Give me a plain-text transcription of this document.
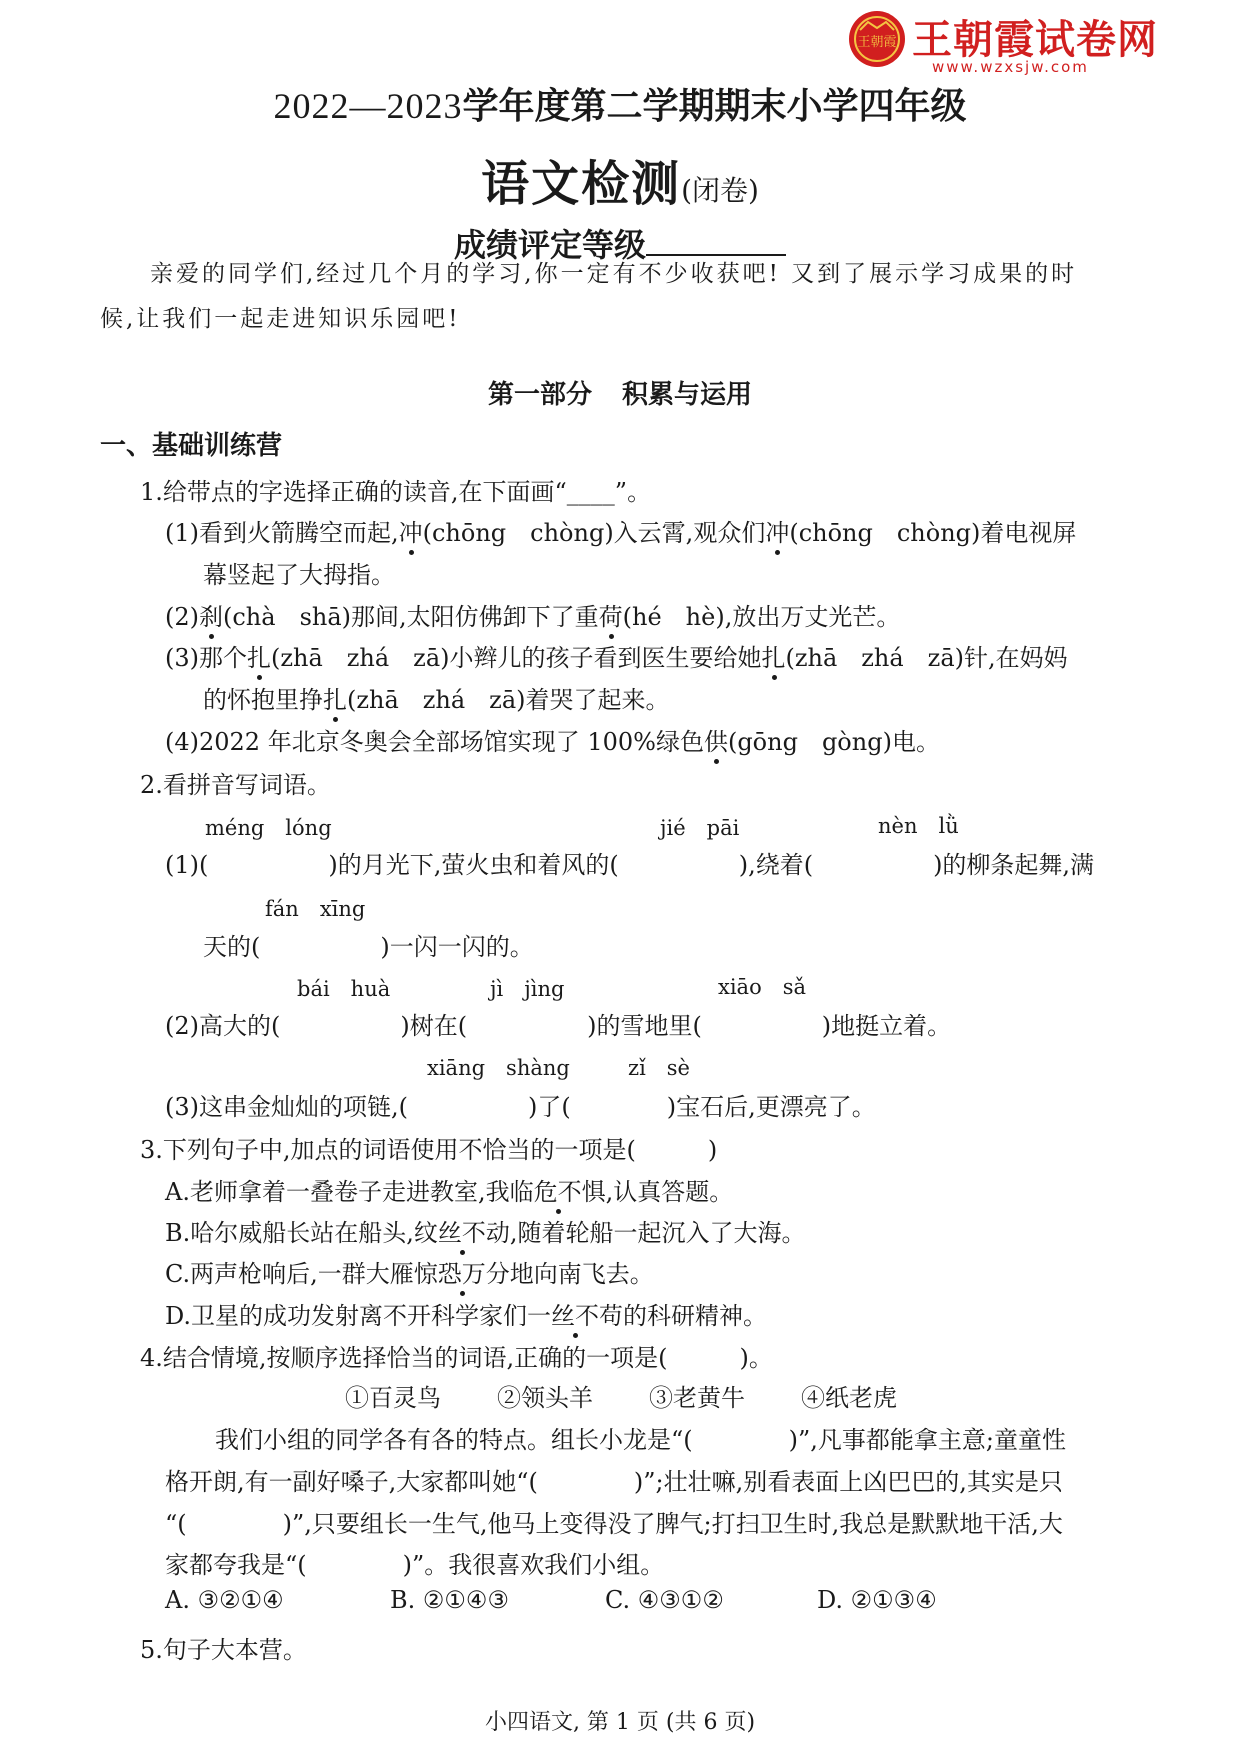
王朝霞 王朝霞试卷网
www.wzxsjw.com
2022—2023学年度第二学期期末小学四年级
语文检测(闭卷)
成绩评定等级
亲爱的同学们,经过几个月的学习,你一定有不少收获吧! 又到了展示学习成果的时
候,让我们一起走进知识乐园吧!
第一部分 积累与运用
一、基础训练营
1.给带点的字选择正确的读音,在下面画“____”。
(1)看到火箭腾空而起,冲(chōng　chòng)入云霄,观众们冲(chōng　chòng)着电视屏
幕竖起了大拇指。
(2)刹(chà　shā)那间,太阳仿佛卸下了重荷(hé　hè),放出万丈光芒。
(3)那个扎(zhā　zhá　zā)小辫儿的孩子看到医生要给她扎(zhā　zhá　zā)针,在妈妈
的怀抱里挣扎(zhā　zhá　zā)着哭了起来。
(4)2022 年北京冬奥会全部场馆实现了 100%绿色供(gōng　gòng)电。
2.看拼音写词语。
méng　lóng	jié　pāi	nèn　lǜ
(1)(　　　　　)的月光下,萤火虫和着风的(　　　　　),绕着(　　　　　)的柳条起舞,满
fán　xīng
天的(　　　　　)一闪一闪的。
bái　huà	jì　jìng	xiāo　sǎ
(2)高大的(　　　　　)树在(　　　　　)的雪地里(　　　　　)地挺立着。
xiāng　shàng	zǐ　sè
(3)这串金灿灿的项链,(　　　　　)了(　　　　)宝石后,更漂亮了。
3.下列句子中,加点的词语使用不恰当的一项是(　　　)
A.老师拿着一叠卷子走进教室,我临危不惧,认真答题。
B.哈尔威船长站在船头,纹丝不动,随着轮船一起沉入了大海。
C.两声枪响后,一群大雁惊恐万分地向南飞去。
D.卫星的成功发射离不开科学家们一丝不苟的科研精神。
4.结合情境,按顺序选择恰当的词语,正确的一项是(　　　)。
①百灵鸟 ②领头羊 ③老黄牛 ④纸老虎
我们小组的同学各有各的特点。组长小龙是“(　　　　)”,凡事都能拿主意;童童性
格开朗,有一副好嗓子,大家都叫她“(　　　　)”;壮壮嘛,别看表面上凶巴巴的,其实是只
“(　　　　)”,只要组长一生气,他马上变得没了脾气;打扫卫生时,我总是默默地干活,大
家都夸我是“(　　　　)”。我很喜欢我们小组。
A. ③②①④	B. ②①④③	C. ④③①②	D. ②①③④
5.句子大本营。
小四语文, 第 1 页 (共 6 页)
